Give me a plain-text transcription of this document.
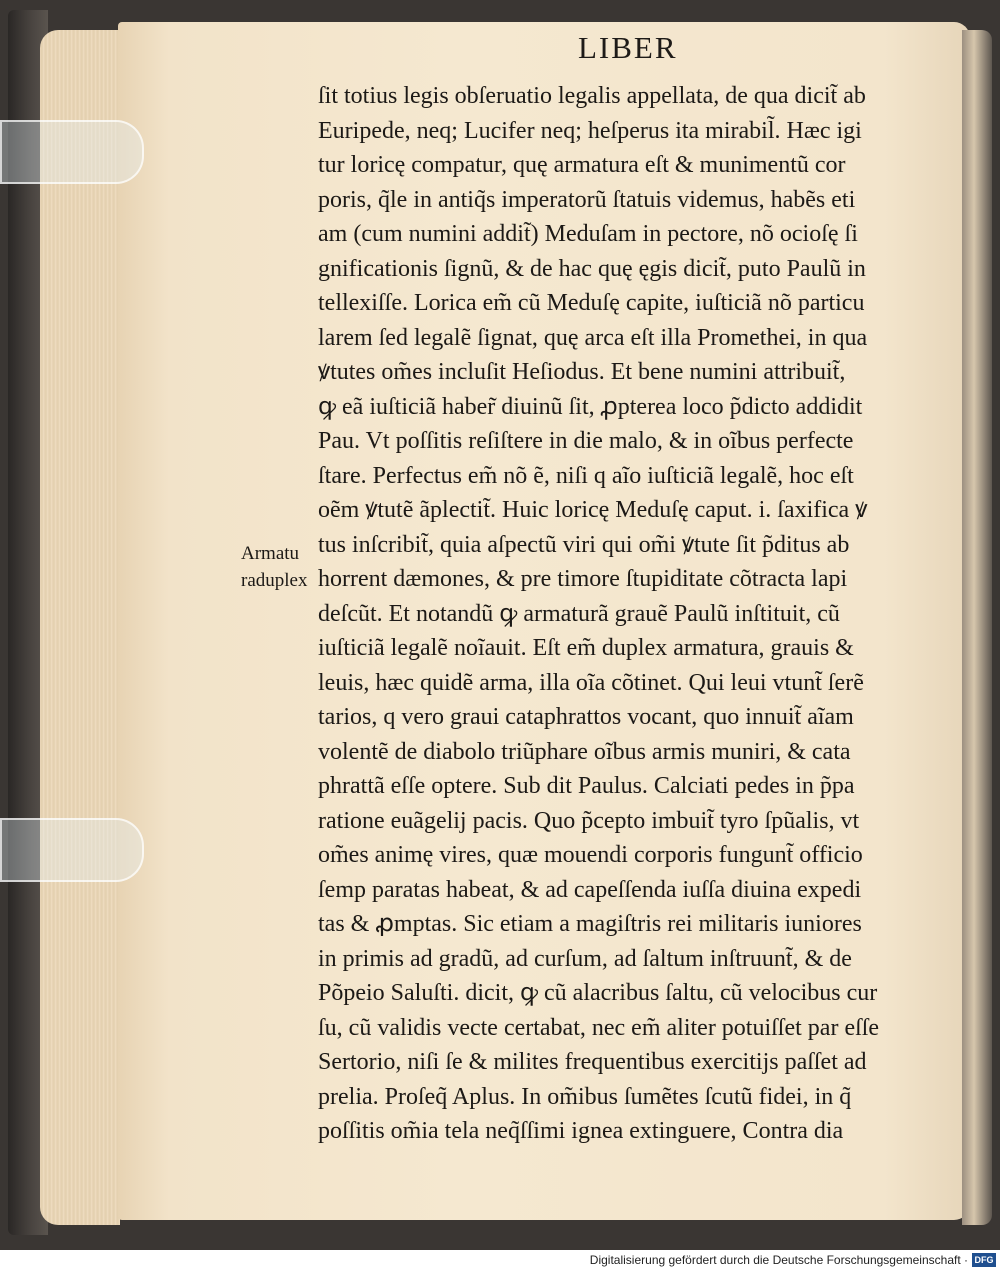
LIBER
Armatu
raduplex
ſit totius legis obſeruatio legalis appellata, de qua dicit̃ ab
Euripede, neq; Lucifer neq; heſperus ita mirabil̃. Hæc igi
tur loricę compatur, quę armatura eſt & munimentũ cor
poris, q̃le in antiq̃s imperatorũ ſtatuis videmus, habẽs eti
am (cum numini addit̃) Meduſam in pectore, nõ ocioſę ſi
gnificationis ſignũ, & de hac quę ęgis dicit̃, puto Paulũ in
tellexiſſe. Lorica em̃ cũ Meduſę capite, iuſticiã nõ particu
larem ſed legalẽ ſignat, quę arca eſt illa Promethei, in qua
ꝟtutes om̃es incluſit Heſiodus. Et bene numini attribuit̃,
ꝙ eã iuſticiã haber̃ diuinũ ſit, ꝓpterea loco p̃dicto addidit
Pau. Vt poſſitis reſiſtere in die malo, & in oĩbus perfecte
ſtare. Perfectus em̃ nõ ẽ, niſi q aĩo iuſticiã legalẽ, hoc eſt
oẽm ꝟtutẽ ãplectit̃. Huic loricę Meduſę caput. i. ſaxifica ꝟ
tus inſcribit̃, quia aſpectũ viri qui om̃i ꝟtute ſit p̃ditus ab
horrent dæmones, & pre timore ſtupiditate cõtracta lapi
deſcũt. Et notandũ ꝙ armaturã grauẽ Paulũ inſtituit, cũ
iuſticiã legalẽ noĩauit. Eſt em̃ duplex armatura, grauis &
leuis, hæc quidẽ arma, illa oĩa cõtinet. Qui leui vtunt̃ ſerẽ
tarios, q vero graui cataphrattos vocant, quo innuit̃ aĩam
volentẽ de diabolo triũphare oĩbus armis muniri, & cata
phrattã eſſe optere. Sub dit Paulus. Calciati pedes in p̃pa
ratione euãgelij pacis. Quo p̃cepto imbuit̃ tyro ſpũalis, vt
om̃es animę vires, quæ mouendi corporis fungunt̃ officio
ſemp paratas habeat, & ad capeſſenda iuſſa diuina expedi
tas & ꝓmptas. Sic etiam a magiſtris rei militaris iuniores
in primis ad gradũ, ad curſum, ad ſaltum inſtruunt̃, & de
Põpeio Saluſti. dicit, ꝙ cũ alacribus ſaltu, cũ velocibus cur
ſu, cũ validis vecte certabat, nec em̃ aliter potuiſſet par eſſe
Sertorio, niſi ſe & milites frequentibus exercitijs paſſet ad
prelia. Proſeq̃ Aplus. In om̃ibus ſumẽtes ſcutũ fidei, in q̃
poſſitis om̃ia tela neq̃ſſimi ignea extinguere, Contra dia
Digitalisierung gefördert durch die Deutsche Forschungsgemeinschaft · DFG
